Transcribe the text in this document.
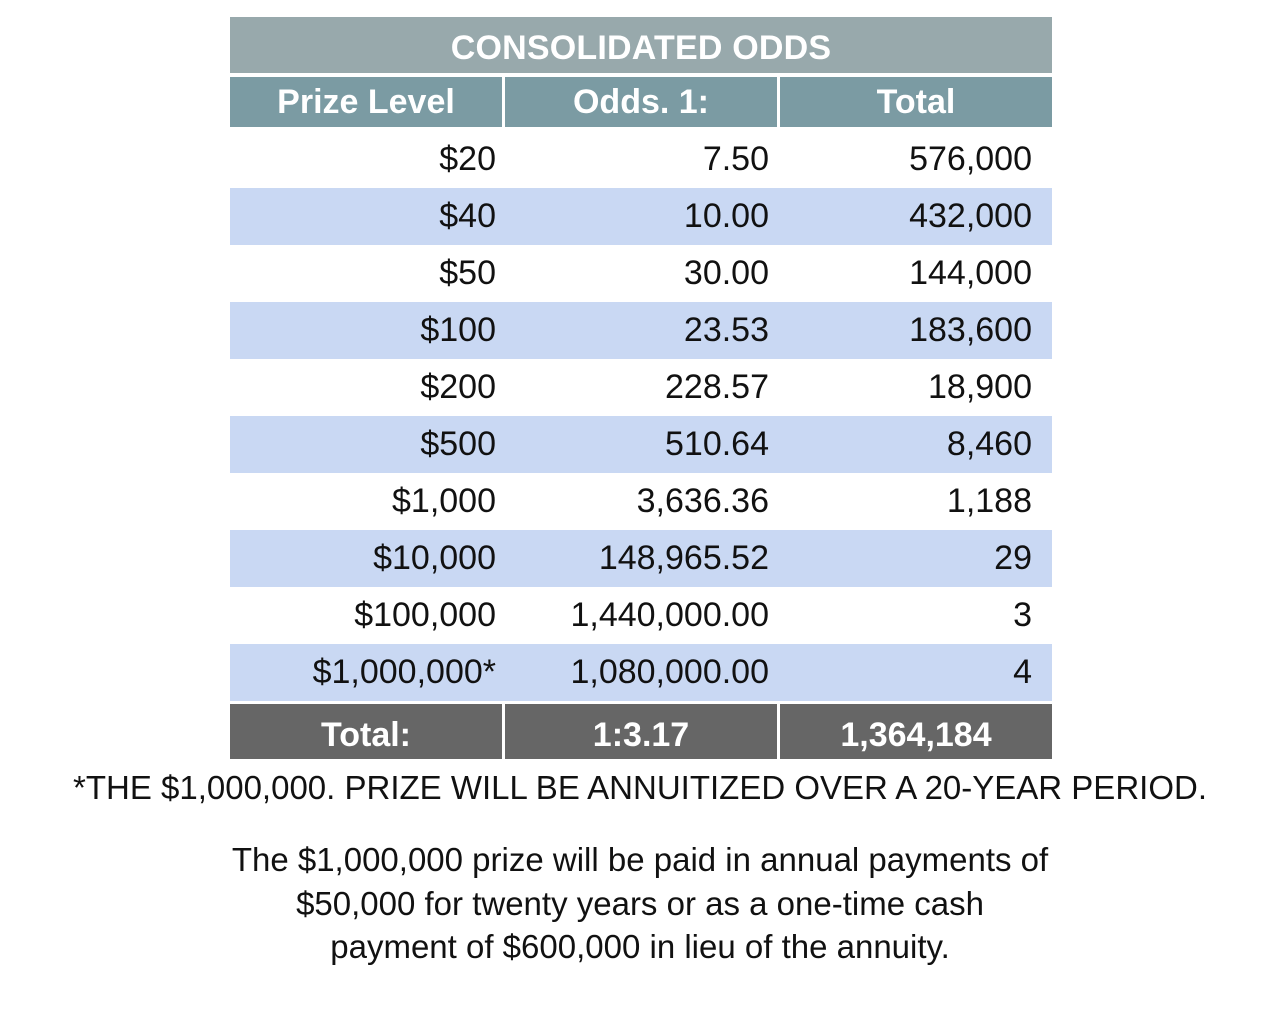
CONSOLIDATED ODDS
Prize Level	Odds. 1:	Total
$20	7.50	576,000
$40	10.00	432,000
$50	30.00	144,000
$100	23.53	183,600
$200	228.57	18,900
$500	510.64	8,460
$1,000	3,636.36	1,188
$10,000	148,965.52	29
$100,000	1,440,000.00	3
$1,000,000*	1,080,000.00	4
Total:	1:3.17	1,364,184
*THE $1,000,000. PRIZE WILL BE ANNUITIZED OVER A 20-YEAR PERIOD.
The $1,000,000 prize will be paid in annual payments of $50,000 for twenty years or as a one-time cash payment of $600,000 in lieu of the annuity.
